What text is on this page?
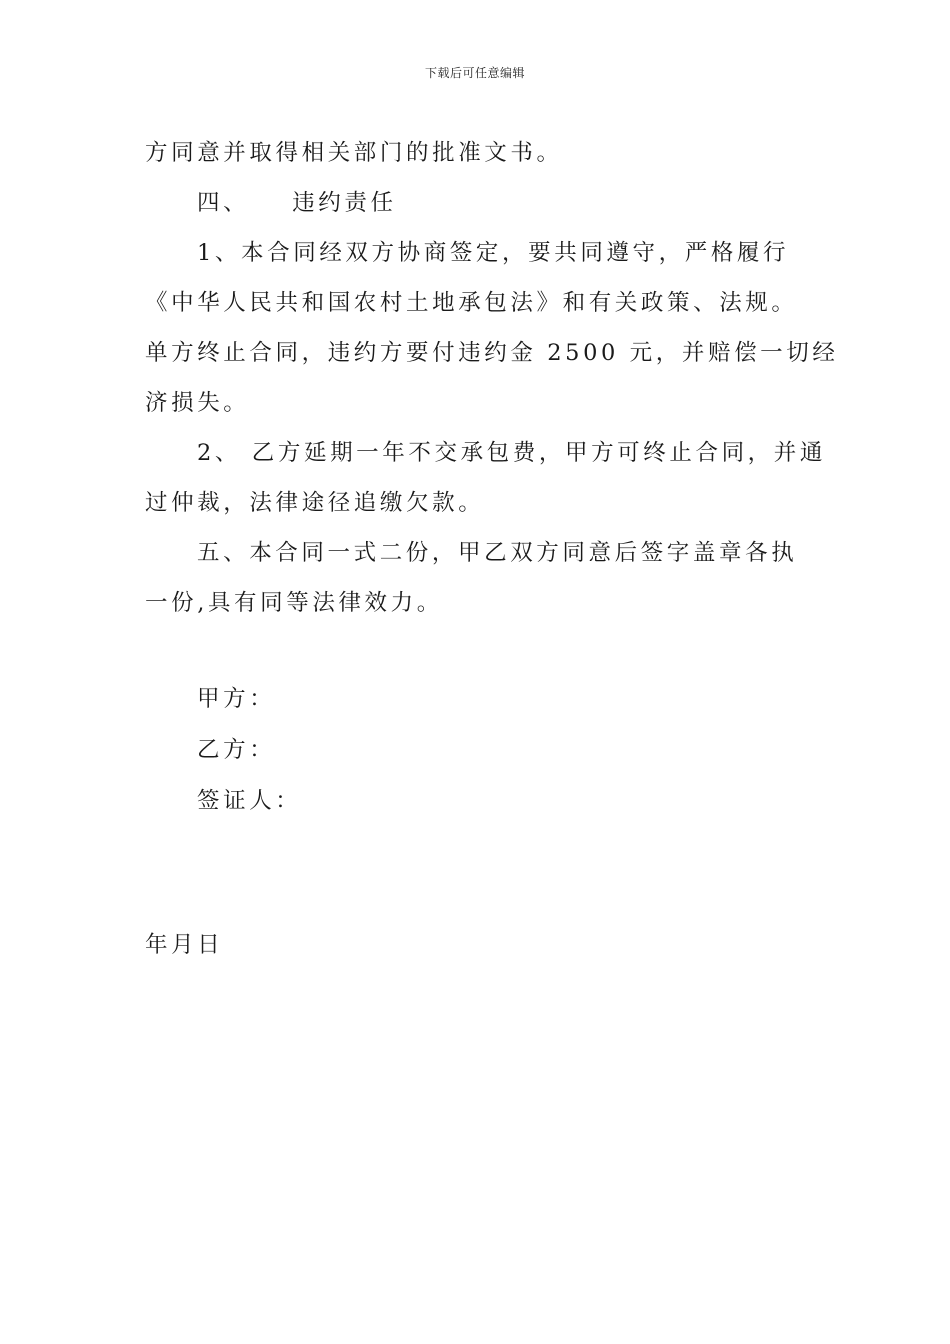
下载后可任意编辑
方同意并取得相关部门的批准文书。
四、    违约责任
1、本合同经双方协商签定，要共同遵守，严格履行
《中华人民共和国农村土地承包法》和有关政策、法规。
单方终止合同，违约方要付违约金 2500 元，并赔偿一切经
济损失。
2、 乙方延期一年不交承包费，甲方可终止合同，并通
过仲裁，法律途径追缴欠款。
五、本合同一式二份，甲乙双方同意后签字盖章各执
一份,具有同等法律效力。
甲方：
乙方：
签证人：
年月日
